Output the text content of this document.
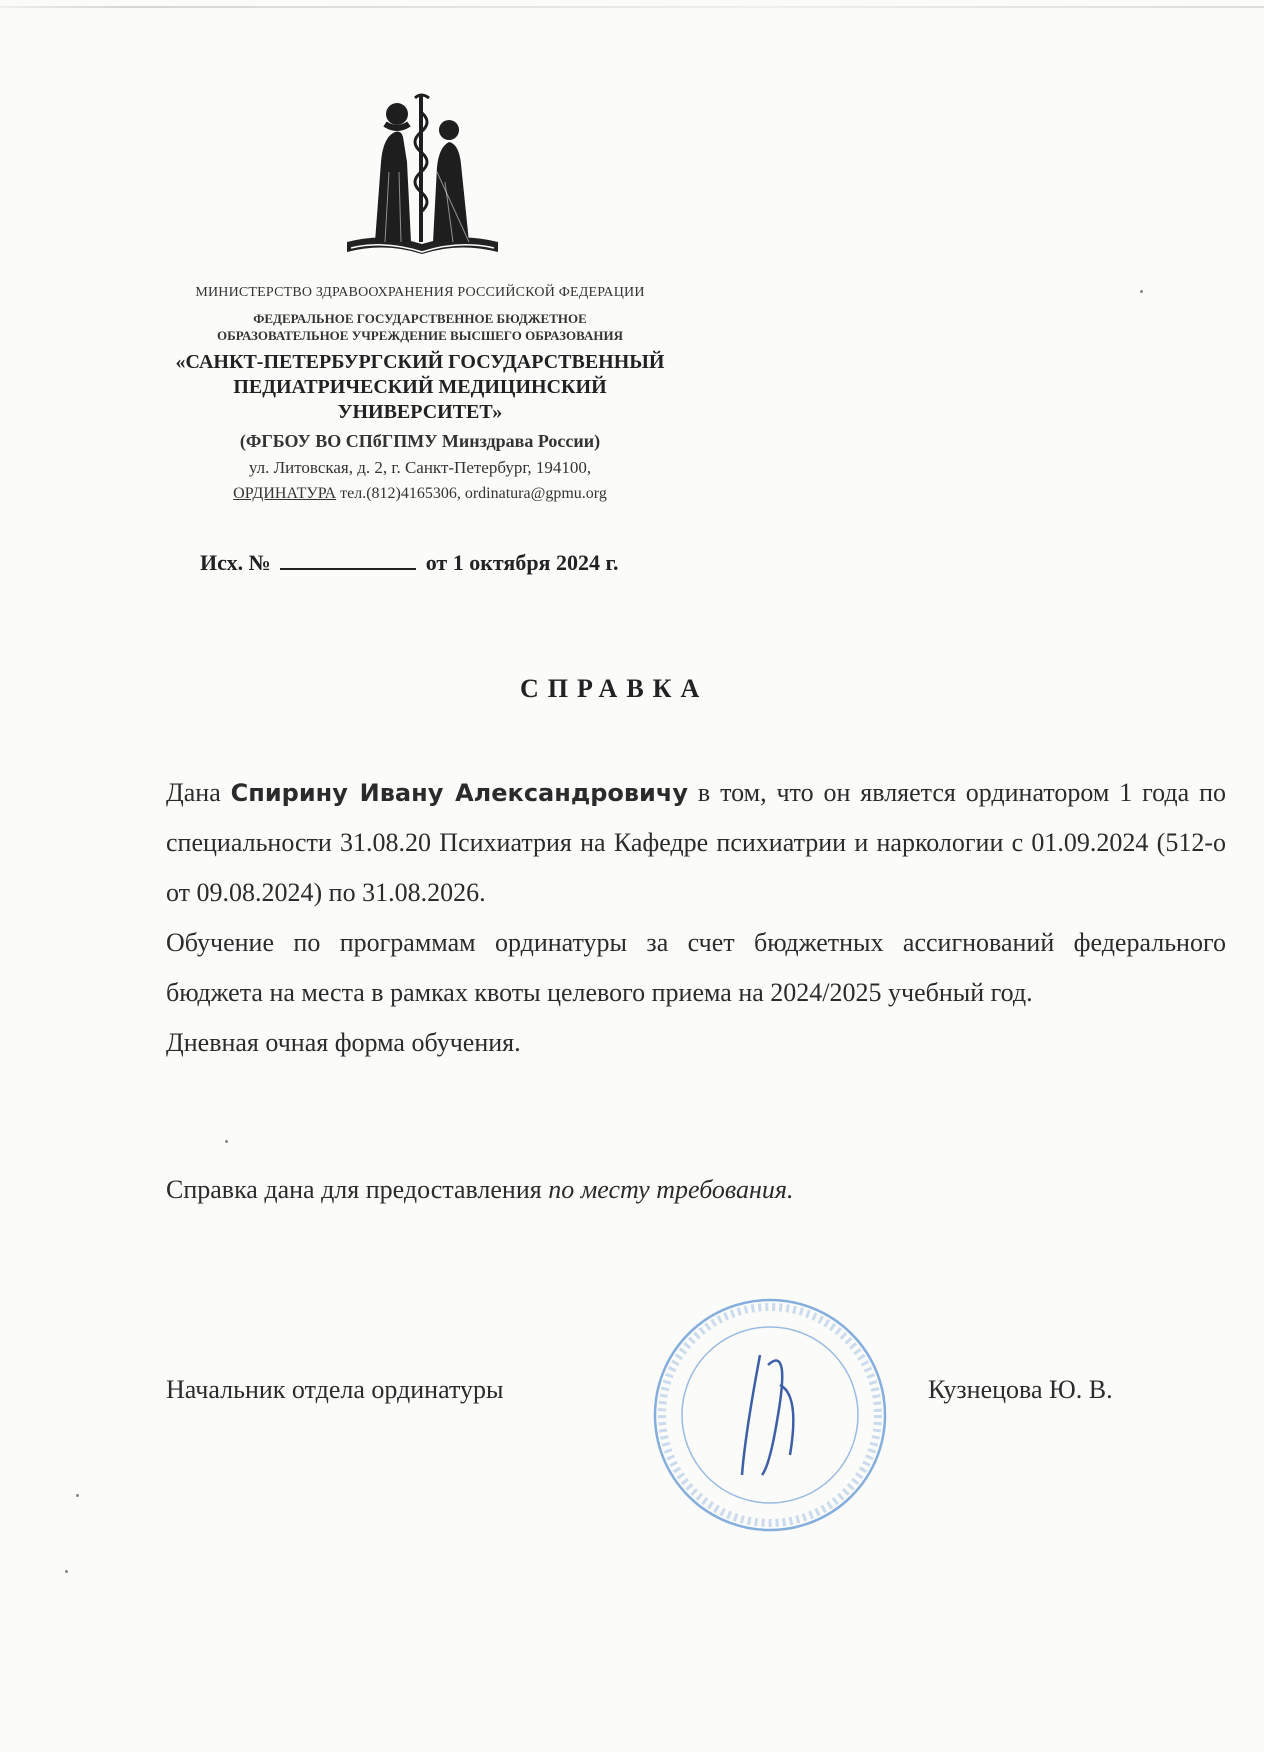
МИНИСТЕРСТВО ЗДРАВООХРАНЕНИЯ РОССИЙСКОЙ ФЕДЕРАЦИИ

ФЕДЕРАЛЬНОЕ ГОСУДАРСТВЕННОЕ БЮДЖЕТНОЕ
ОБРАЗОВАТЕЛЬНОЕ УЧРЕЖДЕНИЕ ВЫСШЕГО ОБРАЗОВАНИЯ

«САНКТ-ПЕТЕРБУРГСКИЙ ГОСУДАРСТВЕННЫЙ
ПЕДИАТРИЧЕСКИЙ МЕДИЦИНСКИЙ
УНИВЕРСИТЕТ»

(ФГБОУ ВО СПбГПМУ Минздрава России)

ул. Литовская, д. 2, г. Санкт-Петербург, 194100,

ОРДИНАТУРА тел.(812)4165306, ordinatura@gpmu.org

Исх. №	от 1 октября 2024 г.
СПРАВКА

Дана Спирину Ивану Александровичу в том, что он является ординатором 1 года по специальности 31.08.20 Психиатрия на Кафедре психиатрии и наркологии с 01.09.2024 (512-о от 09.08.2024) по 31.08.2026.

Обучение по программам ординатуры за счет бюджетных ассигнований федерального бюджета на места в рамках квоты целевого приема на 2024/2025 учебный год.

Дневная очная форма обучения.

Справка дана для предоставления по месту требования.
Начальник отдела ординатуры	Кузнецова Ю. В.
